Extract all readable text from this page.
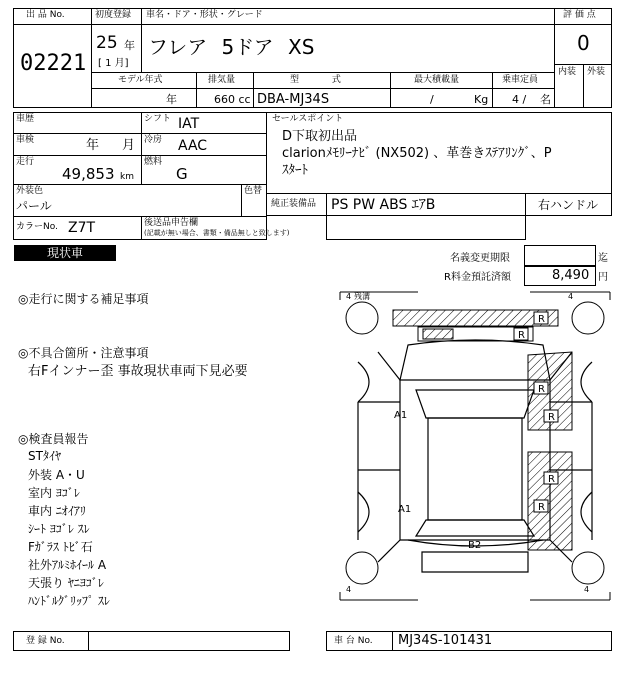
出 品 No.
02221
初度登録
25 年
[ 1 月]
車名・ドア・形状・グレード
フレア 5ドア XS
評 価 点
0
内装 外装
モデル年式	排気量	型 式	最大積載量	乗車定員
年	660 cc DBA-MJ34S	/	Kg 4 / 名
車歴	シフト IAT
車検	年 月 冷房 AAC
走行
49,853 km
燃料
G
外装色
パール
色替
カラーNo. Z7T	後送品申告欄
(記載が無い場合、書類・備品無しと致します)
セールスポイント
D下取初出品
clarionﾒﾓﾘｰﾅﾋﾞ (NX502) 、革巻きｽﾃｱﾘﾝｸﾞ、P
ｽﾀｰﾄ
純正装備品 PS PW ABS ｴｱB	右ハンドル
現状車	名義変更期限	迄
R料金預託済額	8,490 円
◎走行に関する補足事項
◎不具合箇所・注意事項
右Fインナー歪 事故現状車両下見必要
◎検査員報告
STﾀｲﾔ
外装 A・U
室内 ﾖｺﾞﾚ
車内 ﾆｵｲｱﾘ
ｼｰﾄ ﾖｺﾞﾚ ｽﾚ
Fｶﾞﾗｽ ﾄﾋﾞ石
社外ｱﾙﾐﾎｲｰﾙ A
天張り ﾔﾆﾖｺﾞﾚ
ﾊﾝﾄﾞﾙｸﾞﾘｯﾌﾟ ｽﾚ
R
R
R
R
R
R
A1
A1
B2
4 残溝	4
4	4
登 録 No.	車 台 No. MJ34S-101431
